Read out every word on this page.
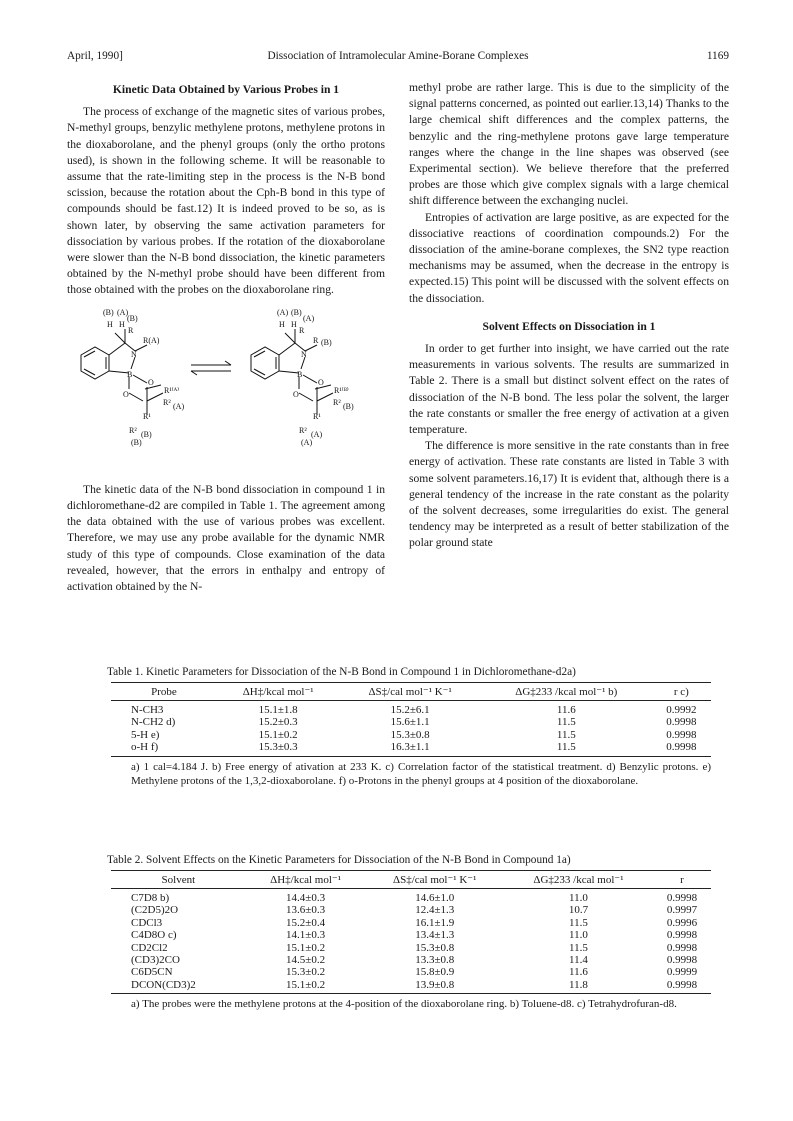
April, 1990]	Dissociation of Intramolecular Amine-Borane Complexes	1169
Kinetic Data Obtained by Various Probes in 1

The process of exchange of the magnetic sites of various probes, N-methyl groups, benzylic methylene protons, methylene protons in the dioxaborolane, and the phenyl groups (only the ortho protons used), is shown in the following scheme. It will be reasonable to assume that the rate-limiting step in the process is the N-B bond scission, because the rotation about the Cph-B bond in this type of compounds should be fast.12) It is indeed proved to be so, as is shown later, by observing the same activation parameters for dissociation by various probes. If the rotation of the dioxaborolane were slower than the N-B bond dissociation, the kinetic parameters obtained by the N-methyl probe should have been different from those obtained with the probes on the dioxaborolane ring.

(B) (A)
(B)
H H
R
R(A)
N
B
O
O	R¹⁽ᴬ⁾
R² (A)
R¹
R² (B)
(B)
(A) (B)
(A)
H H
R
R (B)
N
B
O
O	R¹⁽ᴮ⁾
R² (B)
R¹
R² (A)
(A)

The kinetic data of the N-B bond dissociation in compound 1 in dichloromethane-d2 are compiled in Table 1. The agreement among the data obtained with the use of various probes was excellent. Therefore, we may use any probe available for the dynamic NMR study of this type of compounds. Close examination of the data revealed, however, that the errors in enthalpy and entropy of activation obtained by the N-

methyl probe are rather large. This is due to the simplicity of the signal patterns concerned, as pointed out earlier.13,14) Thanks to the large chemical shift differences and the complex patterns, the benzylic and the ring-methylene protons gave large temperature ranges where the change in the line shapes was observed (see Experimental section). We believe therefore that the preferred probes are those which give complex signals with a large chemical shift difference between the exchanging nuclei.

Entropies of activation are large positive, as are expected for the dissociative reactions of coordination compounds.2) For the dissociation of the amine-borane complexes, the SN2 type reaction mechanisms may be assumed, when the decrease in the entropy is expected.15) This point will be discussed with the solvent effects on the dissociation.

Solvent Effects on Dissociation in 1

In order to get further into insight, we have carried out the rate measurements in various solvents. The results are summarized in Table 2. There is a small but distinct solvent effect on the rates of dissociation of the N-B bond. The less polar the solvent, the larger the rate constants or smaller the free energy of activation at a given temperature.

The difference is more sensitive in the rate constants than in free energy of activation. These rate constants are listed in Table 3 with some solvent parameters.16,17) It is evident that, although there is a general tendency of the increase in the rate constant as the polarity of the solvent decreases, some irregularities do exist. The general tendency may be interpreted as a result of better stabilization of the polar ground state

Table 1. Kinetic Parameters for Dissociation of the N-B Bond in Compound 1 in Dichloromethane-d2a)
Probe	ΔH‡/kcal mol⁻¹	ΔS‡/cal mol⁻¹ K⁻¹	ΔG‡233 /kcal mol⁻¹ b)	r c)
N-CH3	15.1±1.8	15.2±6.1	11.6	0.9992
N-CH2 d)	15.2±0.3	15.6±1.1	11.5	0.9998
5-H e)	15.1±0.2	15.3±0.8	11.5	0.9998
o-H f)	15.3±0.3	16.3±1.1	11.5	0.9998
a) 1 cal=4.184 J. b) Free energy of ativation at 233 K. c) Correlation factor of the statistical treatment. d) Benzylic protons. e) Methylene protons of the 1,3,2-dioxaborolane. f) o-Protons in the phenyl groups at 4 position of the dioxaborolane.
Table 2. Solvent Effects on the Kinetic Parameters for Dissociation of the N-B Bond in Compound 1a)
Solvent	ΔH‡/kcal mol⁻¹	ΔS‡/cal mol⁻¹ K⁻¹	ΔG‡233 /kcal mol⁻¹	r
C7D8 b)	14.4±0.3	14.6±1.0	11.0	0.9998
(C2D5)2O	13.6±0.3	12.4±1.3	10.7	0.9997
CDCl3	15.2±0.4	16.1±1.9	11.5	0.9996
C4D8O c)	14.1±0.3	13.4±1.3	11.0	0.9998
CD2Cl2	15.1±0.2	15.3±0.8	11.5	0.9998
(CD3)2CO	14.5±0.2	13.3±0.8	11.4	0.9998
C6D5CN	15.3±0.2	15.8±0.9	11.6	0.9999
DCON(CD3)2	15.1±0.2	13.9±0.8	11.8	0.9998
a) The probes were the methylene protons at the 4-position of the dioxaborolane ring. b) Toluene-d8. c) Tetrahydrofuran-d8.
